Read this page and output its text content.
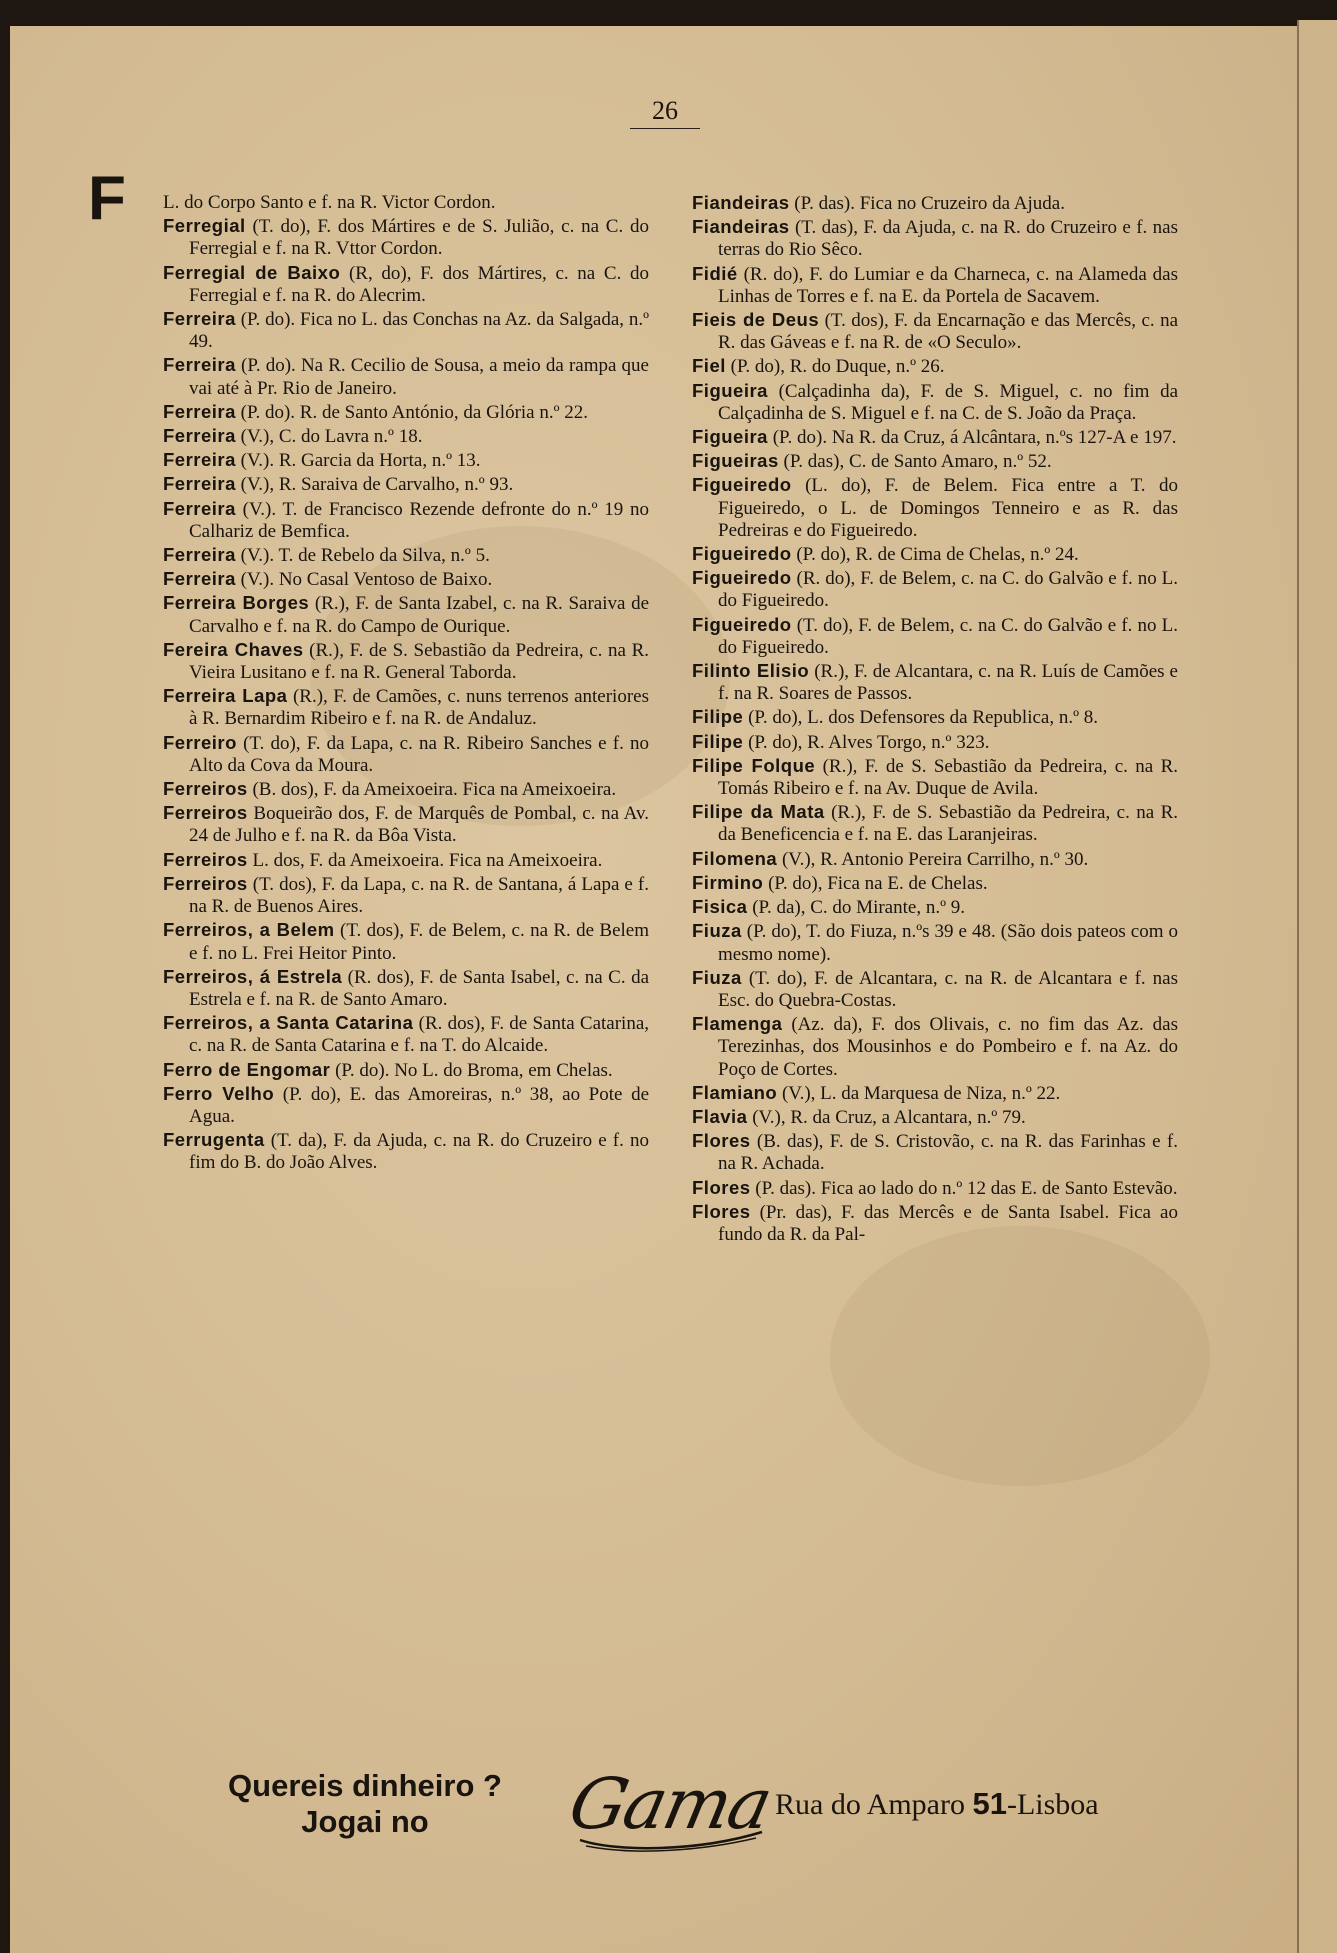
26
F L. do Corpo Santo e f. na R. Victor Cordon.
Ferregial (T. do), F. dos Mártires e de S. Julião, c. na C. do Ferregial e f. na R. Vttor Cordon.
Ferregial de Baixo (R, do), F. dos Mártires, c. na C. do Ferregial e f. na R. do Alecrim.
Ferreira (P. do). Fica no L. das Conchas na Az. da Salgada, n.º 49.
Ferreira (P. do). Na R. Cecilio de Sousa, a meio da rampa que vai até à Pr. Rio de Janeiro.
Ferreira (P. do). R. de Santo António, da Glória n.º 22.
Ferreira (V.), C. do Lavra n.º 18.
Ferreira (V.). R. Garcia da Horta, n.º 13.
Ferreira (V.), R. Saraiva de Carvalho, n.º 93.
Ferreira (V.). T. de Francisco Rezende defronte do n.º 19 no Calhariz de Bemfica.
Ferreira (V.). T. de Rebelo da Silva, n.º 5.
Ferreira (V.). No Casal Ventoso de Baixo.
Ferreira Borges (R.), F. de Santa Izabel, c. na R. Saraiva de Carvalho e f. na R. do Campo de Ourique.
Fereira Chaves (R.), F. de S. Sebastião da Pedreira, c. na R. Vieira Lusitano e f. na R. General Taborda.
Ferreira Lapa (R.), F. de Camões, c. nuns terrenos anteriores à R. Bernardim Ribeiro e f. na R. de Andaluz.
Ferreiro (T. do), F. da Lapa, c. na R. Ribeiro Sanches e f. no Alto da Cova da Moura.
Ferreiros (B. dos), F. da Ameixoeira. Fica na Ameixoeira.
Ferreiros Boqueirão dos, F. de Marquês de Pombal, c. na Av. 24 de Julho e f. na R. da Bôa Vista.
Ferreiros L. dos, F. da Ameixoeira. Fica na Ameixoeira.
Ferreiros (T. dos), F. da Lapa, c. na R. de Santana, á Lapa e f. na R. de Buenos Aires.
Ferreiros, a Belem (T. dos), F. de Belem, c. na R. de Belem e f. no L. Frei Heitor Pinto.
Ferreiros, á Estrela (R. dos), F. de Santa Isabel, c. na C. da Estrela e f. na R. de Santo Amaro.
Ferreiros, a Santa Catarina (R. dos), F. de Santa Catarina, c. na R. de Santa Catarina e f. na T. do Alcaide.
Ferro de Engomar (P. do). No L. do Broma, em Chelas.
Ferro Velho (P. do), E. das Amoreiras, n.º 38, ao Pote de Agua.
Ferrugenta (T. da), F. da Ajuda, c. na R. do Cruzeiro e f. no fim do B. do João Alves.
Fiandeiras (P. das). Fica no Cruzeiro da Ajuda.
Fiandeiras (T. das), F. da Ajuda, c. na R. do Cruzeiro e f. nas terras do Rio Sêco.
Fidié (R. do), F. do Lumiar e da Charneca, c. na Alameda das Linhas de Torres e f. na E. da Portela de Sacavem.
Fieis de Deus (T. dos), F. da Encarnação e das Mercês, c. na R. das Gáveas e f. na R. de «O Seculo».
Fiel (P. do), R. do Duque, n.º 26.
Figueira (Calçadinha da), F. de S. Miguel, c. no fim da Calçadinha de S. Miguel e f. na C. de S. João da Praça.
Figueira (P. do). Na R. da Cruz, á Alcântara, n.ºs 127-A e 197.
Figueiras (P. das), C. de Santo Amaro, n.º 52.
Figueiredo (L. do), F. de Belem. Fica entre a T. do Figueiredo, o L. de Domingos Tenneiro e as R. das Pedreiras e do Figueiredo.
Figueiredo (P. do), R. de Cima de Chelas, n.º 24.
Figueiredo (R. do), F. de Belem, c. na C. do Galvão e f. no L. do Figueiredo.
Figueiredo (T. do), F. de Belem, c. na C. do Galvão e f. no L. do Figueiredo.
Filinto Elisio (R.), F. de Alcantara, c. na R. Luís de Camões e f. na R. Soares de Passos.
Filipe (P. do), L. dos Defensores da Republica, n.º 8.
Filipe (P. do), R. Alves Torgo, n.º 323.
Filipe Folque (R.), F. de S. Sebastião da Pedreira, c. na R. Tomás Ribeiro e f. na Av. Duque de Avila.
Filipe da Mata (R.), F. de S. Sebastião da Pedreira, c. na R. da Beneficencia e f. na E. das Laranjeiras.
Filomena (V.), R. Antonio Pereira Carrilho, n.º 30.
Firmino (P. do), Fica na E. de Chelas.
Fisica (P. da), C. do Mirante, n.º 9.
Fiuza (P. do), T. do Fiuza, n.ºs 39 e 48. (São dois pateos com o mesmo nome).
Fiuza (T. do), F. de Alcantara, c. na R. de Alcantara e f. nas Esc. do Quebra-Costas.
Flamenga (Az. da), F. dos Olivais, c. no fim das Az. das Terezinhas, dos Mousinhos e do Pombeiro e f. na Az. do Poço de Cortes.
Flamiano (V.), L. da Marquesa de Niza, n.º 22.
Flavia (V.), R. da Cruz, a Alcantara, n.º 79.
Flores (B. das), F. de S. Cristovão, c. na R. das Farinhas e f. na R. Achada.
Flores (P. das). Fica ao lado do n.º 12 das E. de Santo Estevão.
Flores (Pr. das), F. das Mercês e de Santa Isabel. Fica ao fundo da R. da Pal-
Quereis dinheiro ?
Jogai no	Gama
Rua do Amparo 51-Lisboa
